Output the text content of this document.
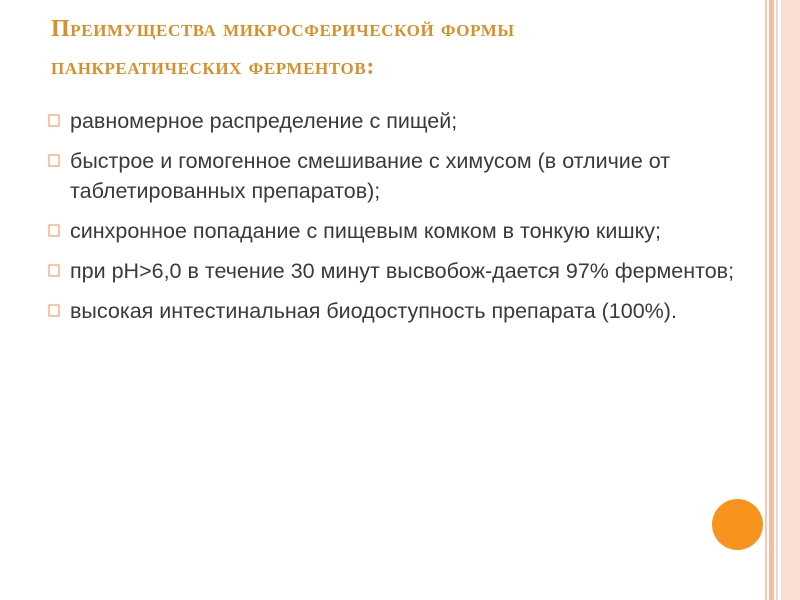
Преимущества микросферической формы
панкреатических ферментов:
равномерное распределение с пищей;
быстрое и гомогенное смешивание с химусом (в отличие от таблетированных препаратов);
синхронное попадание с пищевым комком в тонкую кишку;
при рН>6,0 в течение 30 минут высвобож-дается 97% ферментов;
высокая интестинальная биодоступность препарата (100%).
